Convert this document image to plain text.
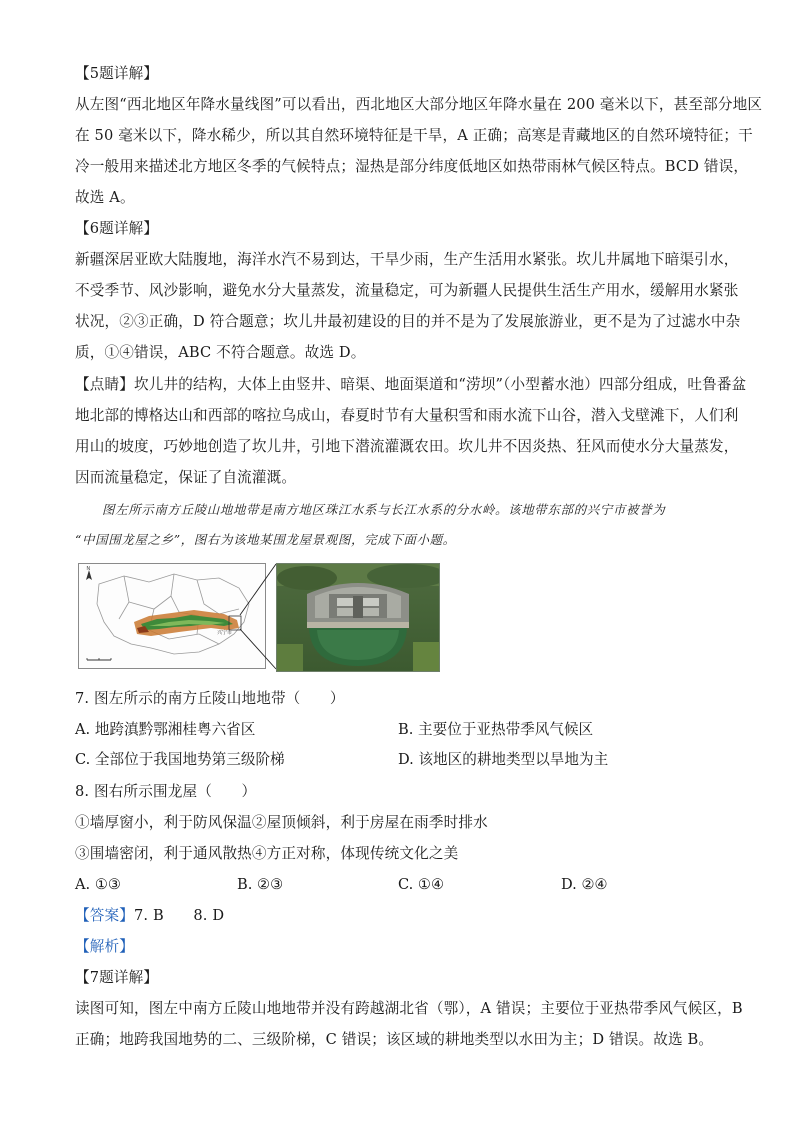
【5题详解】
从左图“西北地区年降水量线图”可以看出，西北地区大部分地区年降水量在 200 毫米以下，甚至部分地区
在 50 毫米以下，降水稀少，所以其自然环境特征是干旱，A 正确；高寒是青藏地区的自然环境特征；干
冷一般用来描述北方地区冬季的气候特点；湿热是部分纬度低地区如热带雨林气候区特点。BCD 错误，
故选 A。
【6题详解】
新疆深居亚欧大陆腹地，海洋水汽不易到达，干旱少雨，生产生活用水紧张。坎儿井属地下暗渠引水，
不受季节、风沙影响，避免水分大量蒸发，流量稳定，可为新疆人民提供生活生产用水，缓解用水紧张
状况，②③正确，D 符合题意；坎儿井最初建设的目的并不是为了发展旅游业，更不是为了过滤水中杂
质，①④错误，ABC 不符合题意。故选 D。
【点睛】坎儿井的结构，大体上由竖井、暗渠、地面渠道和“涝坝”（小型蓄水池）四部分组成，吐鲁番盆
地北部的博格达山和西部的喀拉乌成山，春夏时节有大量积雪和雨水流下山谷，潜入戈壁滩下，人们利
用山的坡度，巧妙地创造了坎儿井，引地下潜流灌溉农田。坎儿井不因炎热、狂风而使水分大量蒸发，
因而流量稳定，保证了自流灌溉。
图左所示南方丘陵山地地带是南方地区珠江水系与长江水系的分水岭。该地带东部的兴宁市被誉为
“中国围龙屋之乡”，图右为该地某围龙屋景观图，完成下面小题。
N
兴宁市
7. 图左所示的南方丘陵山地地带（　　）
A. 地跨滇黔鄂湘桂粤六省区	B. 主要位于亚热带季风气候区
C. 全部位于我国地势第三级阶梯	D. 该地区的耕地类型以旱地为主
8. 图右所示围龙屋（　　）
①墙厚窗小，利于防风保温②屋顶倾斜，利于房屋在雨季时排水
③围墙密闭，利于通风散热④方正对称，体现传统文化之美
A. ①③	B. ②③	C. ①④	D. ②④
【答案】7. B　　8. D
【解析】
【7题详解】
读图可知，图左中南方丘陵山地地带并没有跨越湖北省（鄂），A 错误；主要位于亚热带季风气候区，B
正确；地跨我国地势的二、三级阶梯，C 错误；该区域的耕地类型以水田为主；D 错误。故选 B。
